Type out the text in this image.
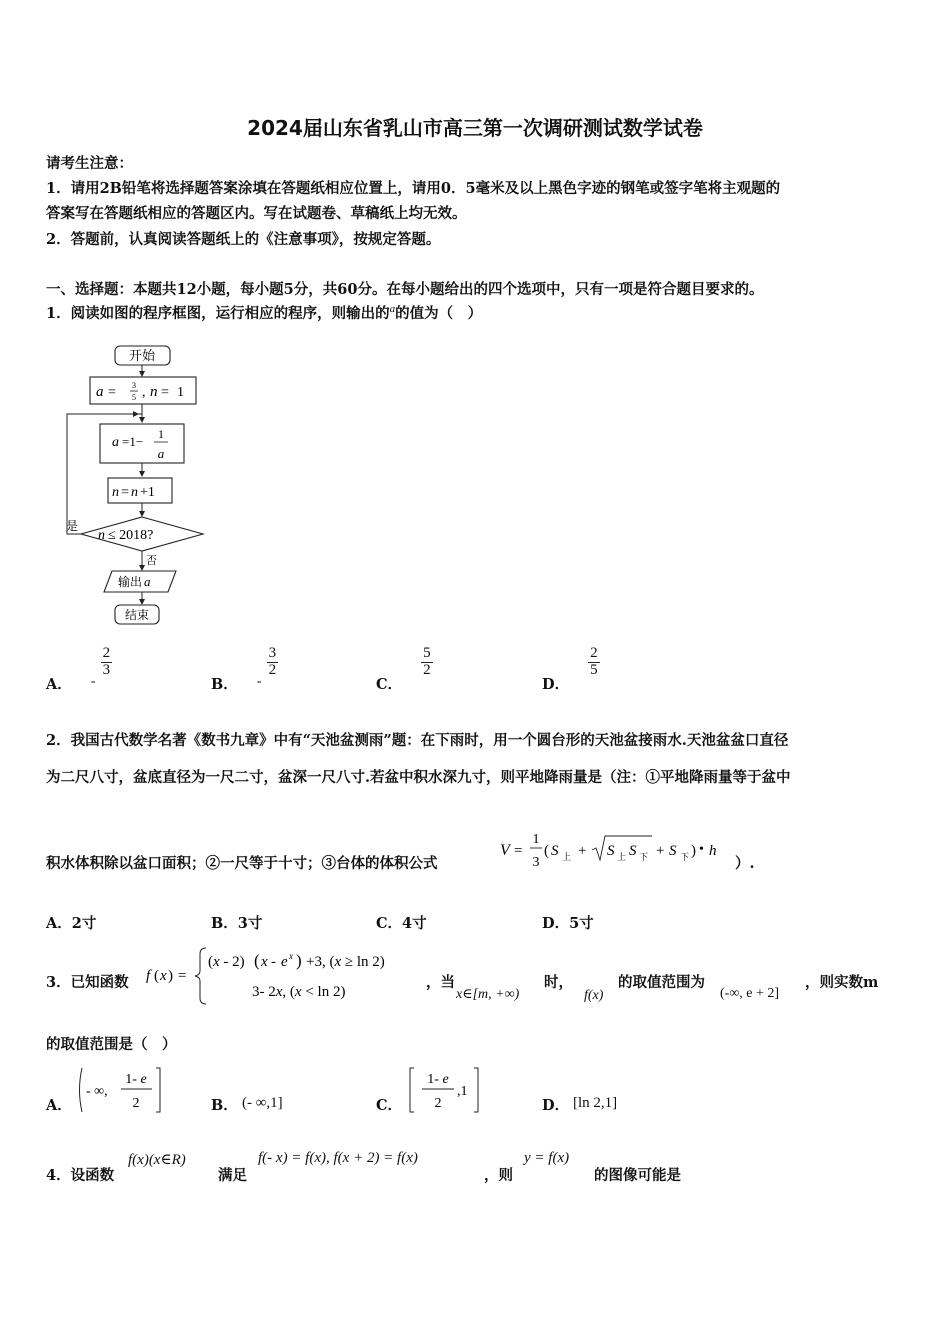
2024届山东省乳山市高三第一次调研测试数学试卷
请考生注意：
1．请用2B铅笔将选择题答案涂填在答题纸相应位置上，请用0．5毫米及以上黑色字迹的钢笔或签字笔将主观题的
答案写在答题纸相应的答题区内。写在试题卷、草稿纸上均无效。
2．答题前，认真阅读答题纸上的《注意事项》，按规定答题。
一、选择题：本题共12小题，每小题5分，共60分。在每小题给出的四个选项中，只有一项是符合题目要求的。
1．阅读如图的程序框图，运行相应的程序，则输出的$^a$的值为（　）
开始
a = 3
5 , n = 1
a =1− 1
a
n = n +1
n ≤ 2018?
是
否
输出 a
结束
A． -
$\frac{2}{3}$
B． -
$\frac{3}{2}$
C．
$\frac{5}{2}$
D．
$\frac{2}{5}$
2．我国古代数学名著《数书九章》中有“天池盆测雨”题：在下雨时，用一个圆台形的天池盆接雨水.天池盆盆口直径
为二尺八寸，盆底直径为一尺二寸，盆深一尺八寸.若盆中积水深九寸，则平地降雨量是（注：①平地降雨量等于盆中
积水体积除以盆口面积；②一尺等于十寸；③台体的体积公式
V =
1
3
( S 上 + S 上 S 下 + S 下 ) • h
）.
A．2寸	B．3寸	C．4寸	D．5寸
3．已知函数 f ( x ) =
(x - 2) ( x - e x ) +3, (x ≥ ln 2)
3- 2x, (x < ln 2)
，当
x∈[m, +∞)
时，
f(x)
的取值范围为
(-∞, e + 2]
，则实数m
的取值范围是（　）
A．
- ∞,
1- e
2	B． (- ∞,1]	C．
1- e
2
,1
D． [ln 2,1]
4．设函数
f(x)(x∈R)
满足
f(- x) = f(x), f(x + 2) = f(x)
，则
y = f(x)
的图像可能是
